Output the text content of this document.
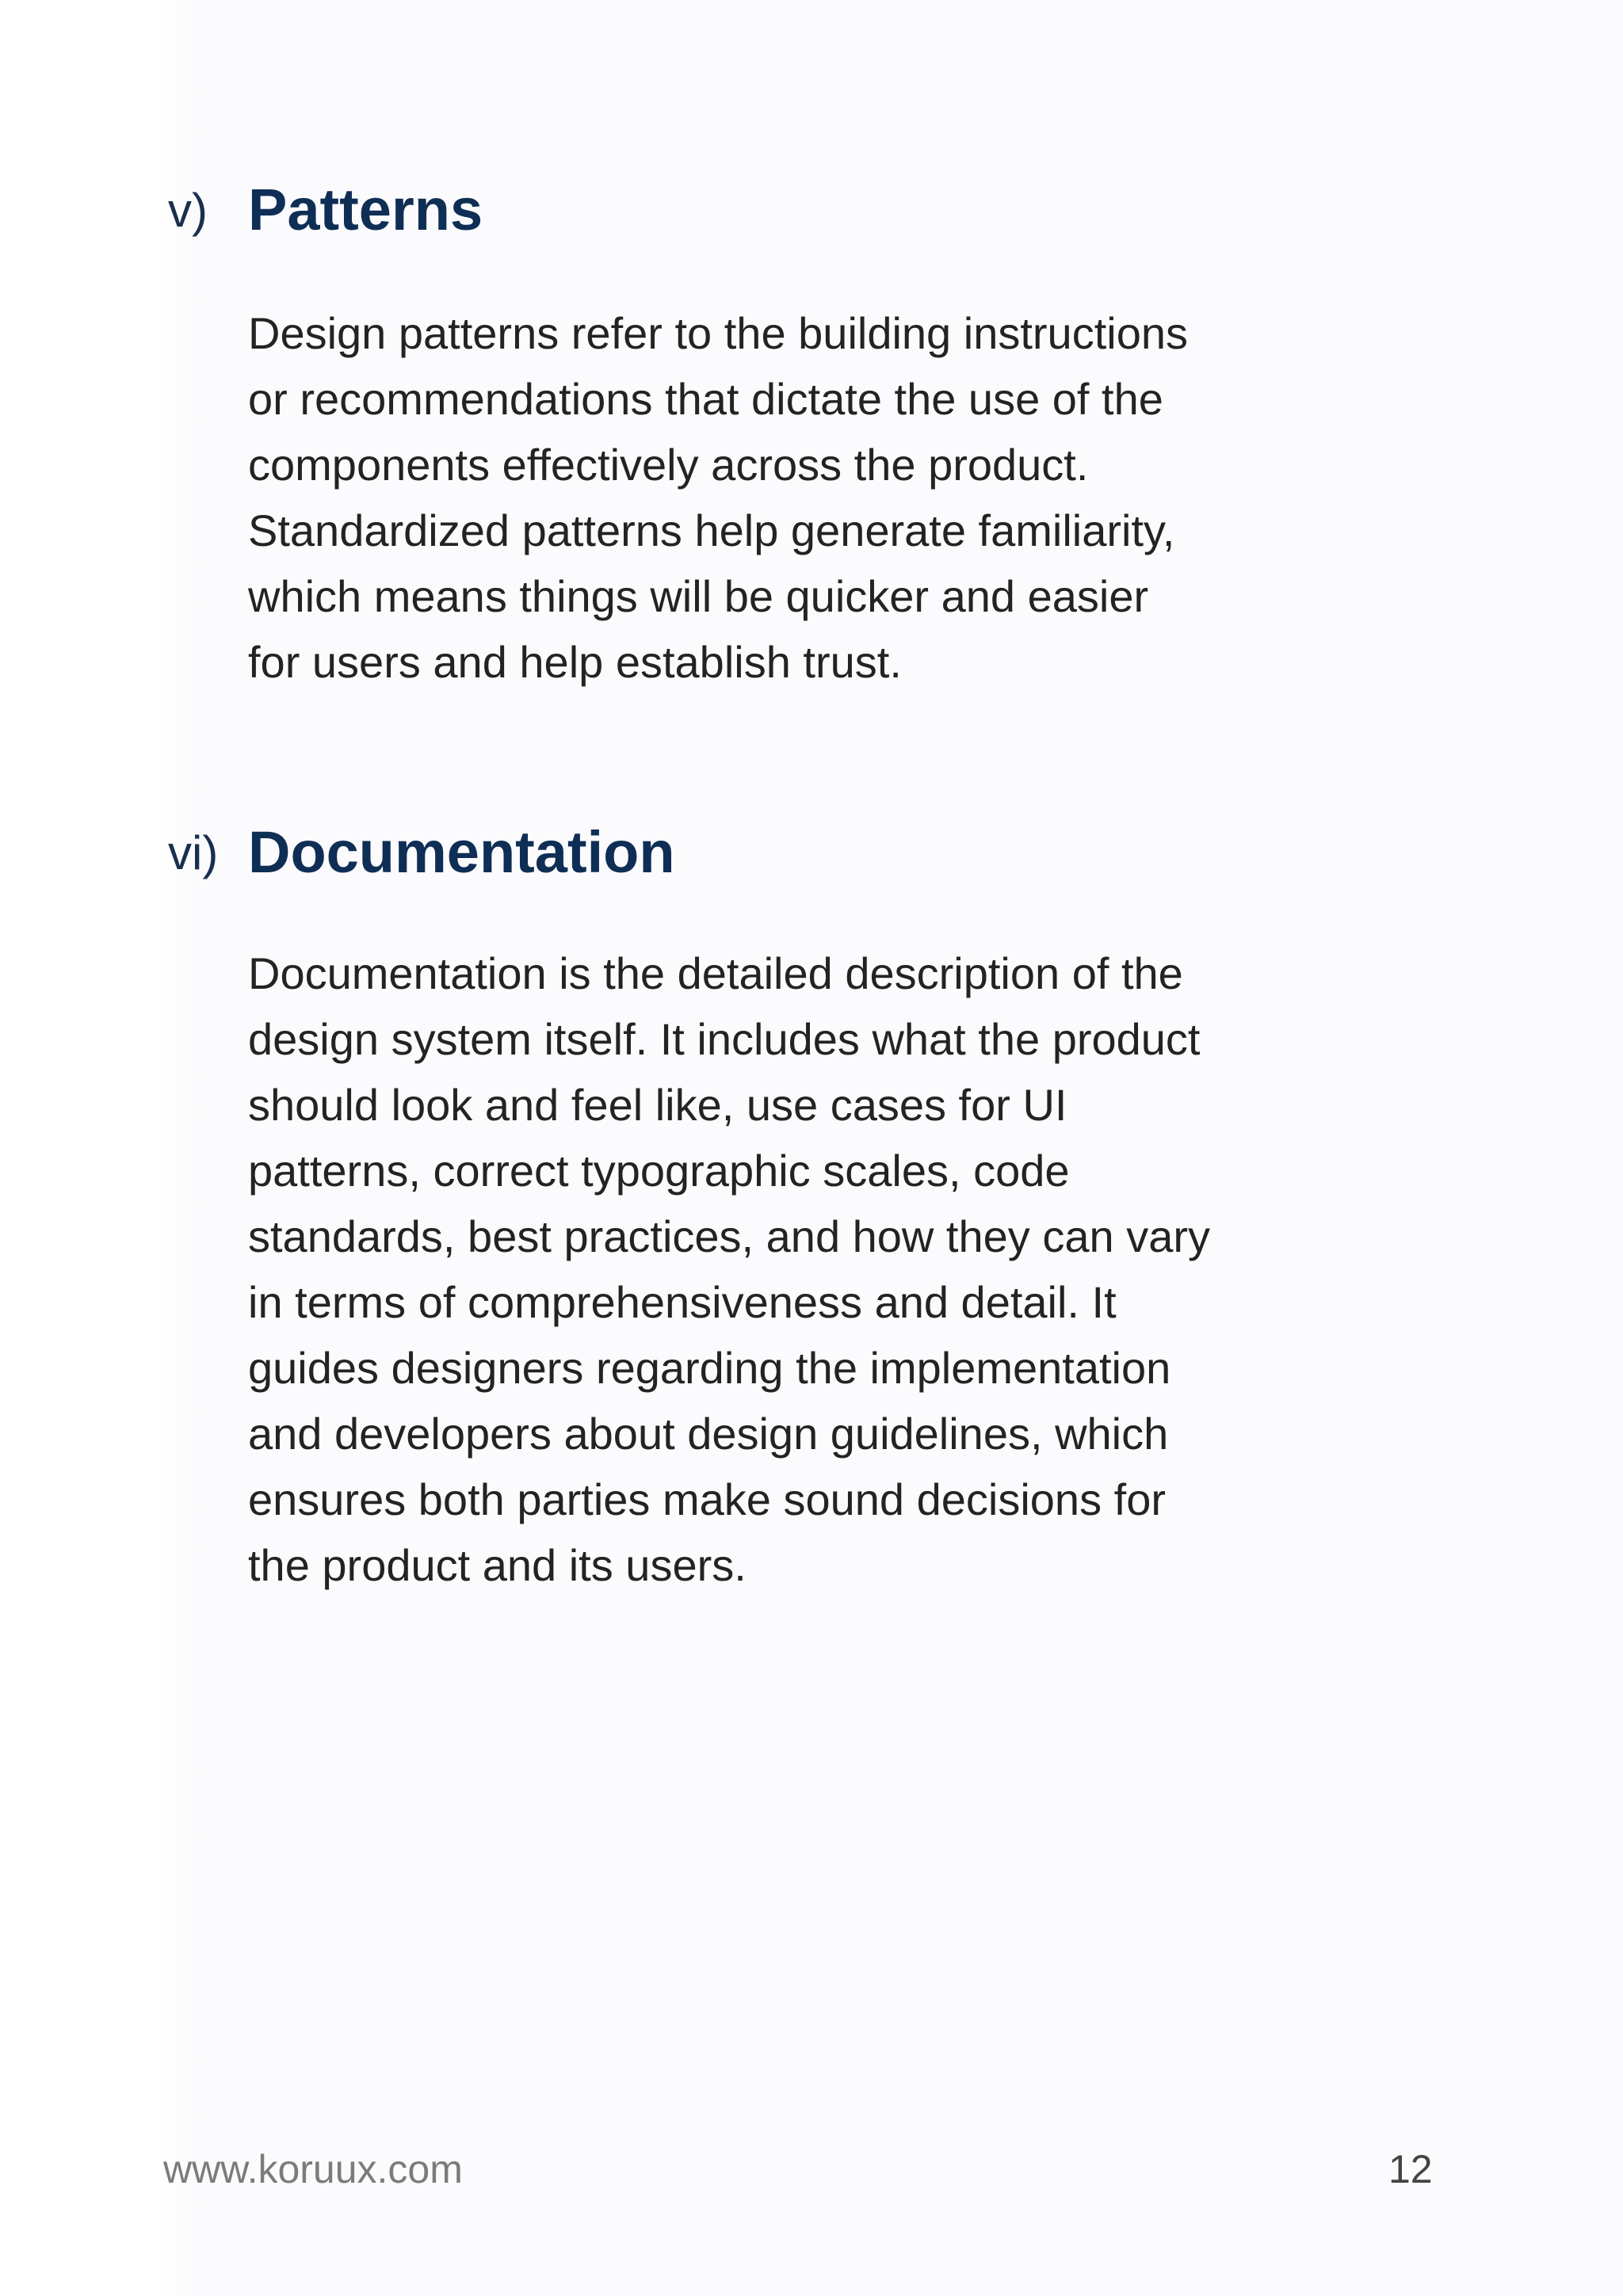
v) Patterns
Design patterns refer to the building instructions
or recommendations that dictate the use of the
components effectively across the product.
Standardized patterns help generate familiarity,
which means things will be quicker and easier
for users and help establish trust.
vi) Documentation
Documentation is the detailed description of the
design system itself. It includes what the product
should look and feel like, use cases for UI
patterns, correct typographic scales, code
standards, best practices, and how they can vary
in terms of comprehensiveness and detail. It
guides designers regarding the implementation
and developers about design guidelines, which
ensures both parties make sound decisions for
the product and its users.
www.koruux.com	12
